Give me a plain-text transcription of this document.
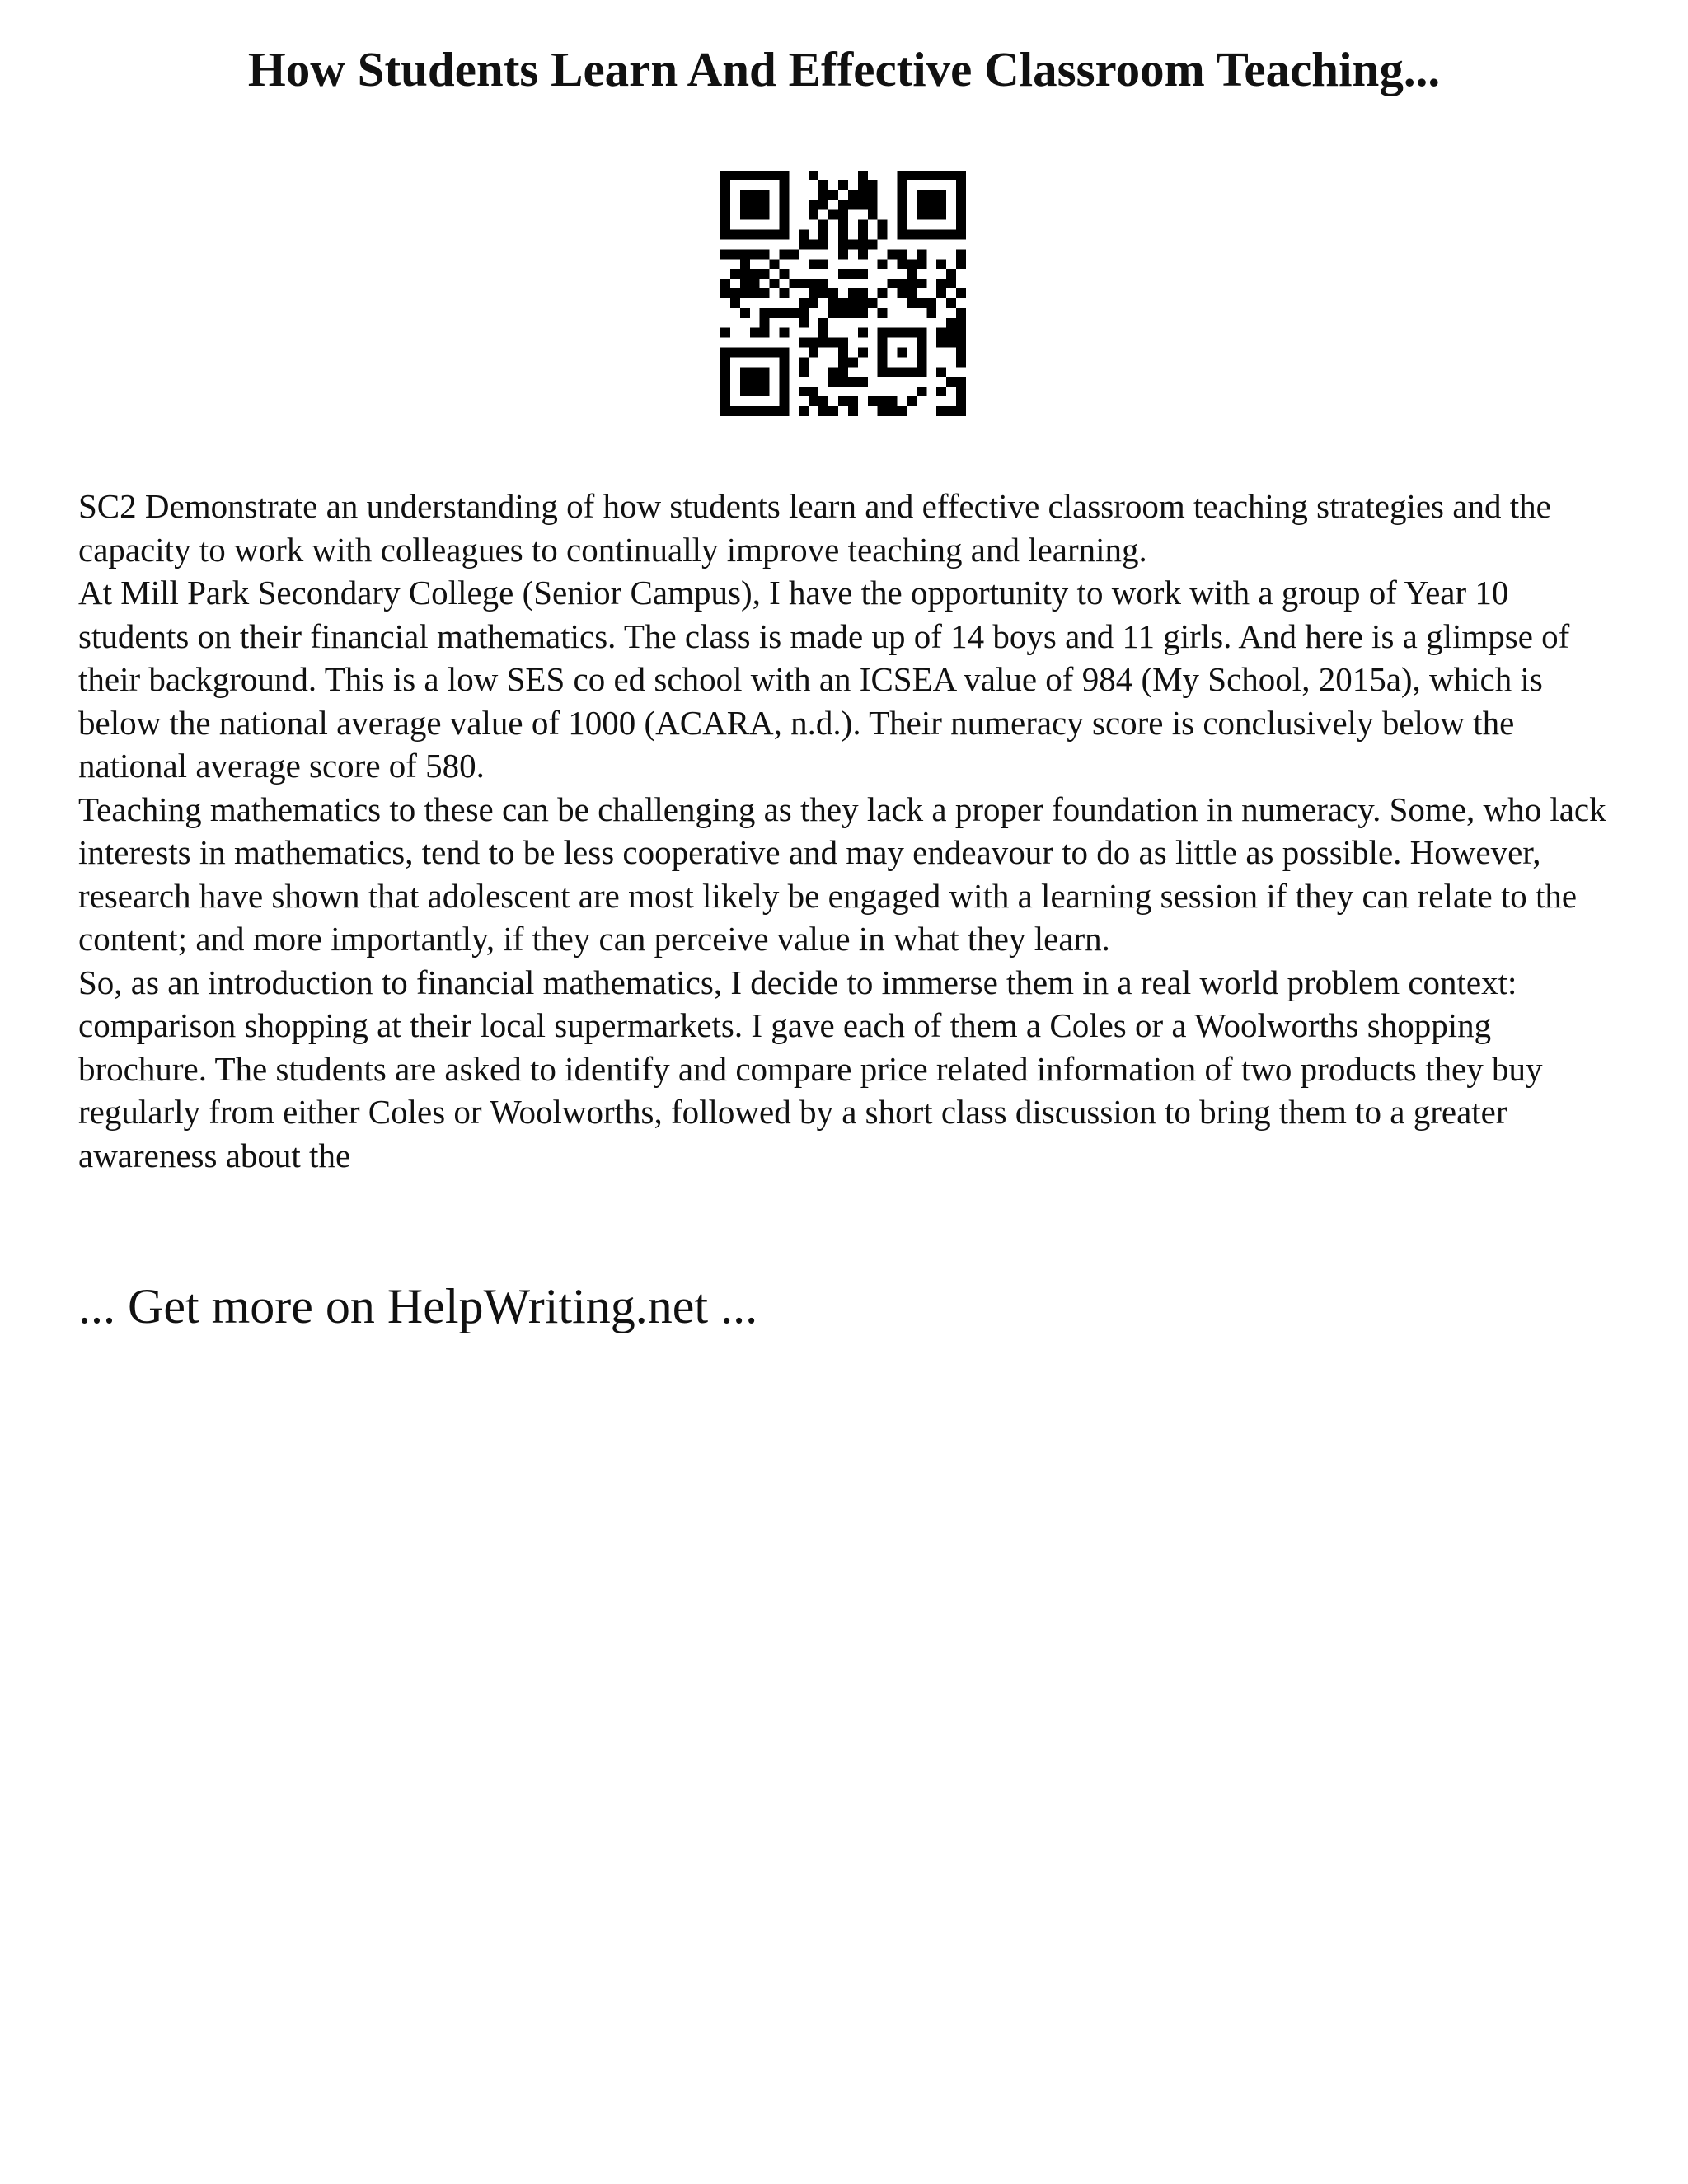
How Students Learn And Effective Classroom Teaching...

SC2 Demonstrate an understanding of how students learn and effective classroom teaching strategies and the capacity to work with colleagues to continually improve teaching and learning.

At Mill Park Secondary College (Senior Campus), I have the opportunity to work with a group of Year 10 students on their financial mathematics. The class is made up of 14 boys and 11 girls. And here is a glimpse of their background. This is a low SES co ed school with an ICSEA value of 984 (My School, 2015a), which is below the national average value of 1000 (ACARA, n.d.). Their numeracy score is conclusively below the national average score of 580.

Teaching mathematics to these can be challenging as they lack a proper foundation in numeracy. Some, who lack interests in mathematics, tend to be less cooperative and may endeavour to do as little as possible. However, research have shown that adolescent are most likely be engaged with a learning session if they can relate to the content; and more importantly, if they can perceive value in what they learn.

So, as an introduction to financial mathematics, I decide to immerse them in a real world problem context: comparison shopping at their local supermarkets. I gave each of them a Coles or a Woolworths shopping brochure. The students are asked to identify and compare price related information of two products they buy regularly from either Coles or Woolworths, followed by a short class discussion to bring them to a greater awareness about the

... Get more on HelpWriting.net ...
